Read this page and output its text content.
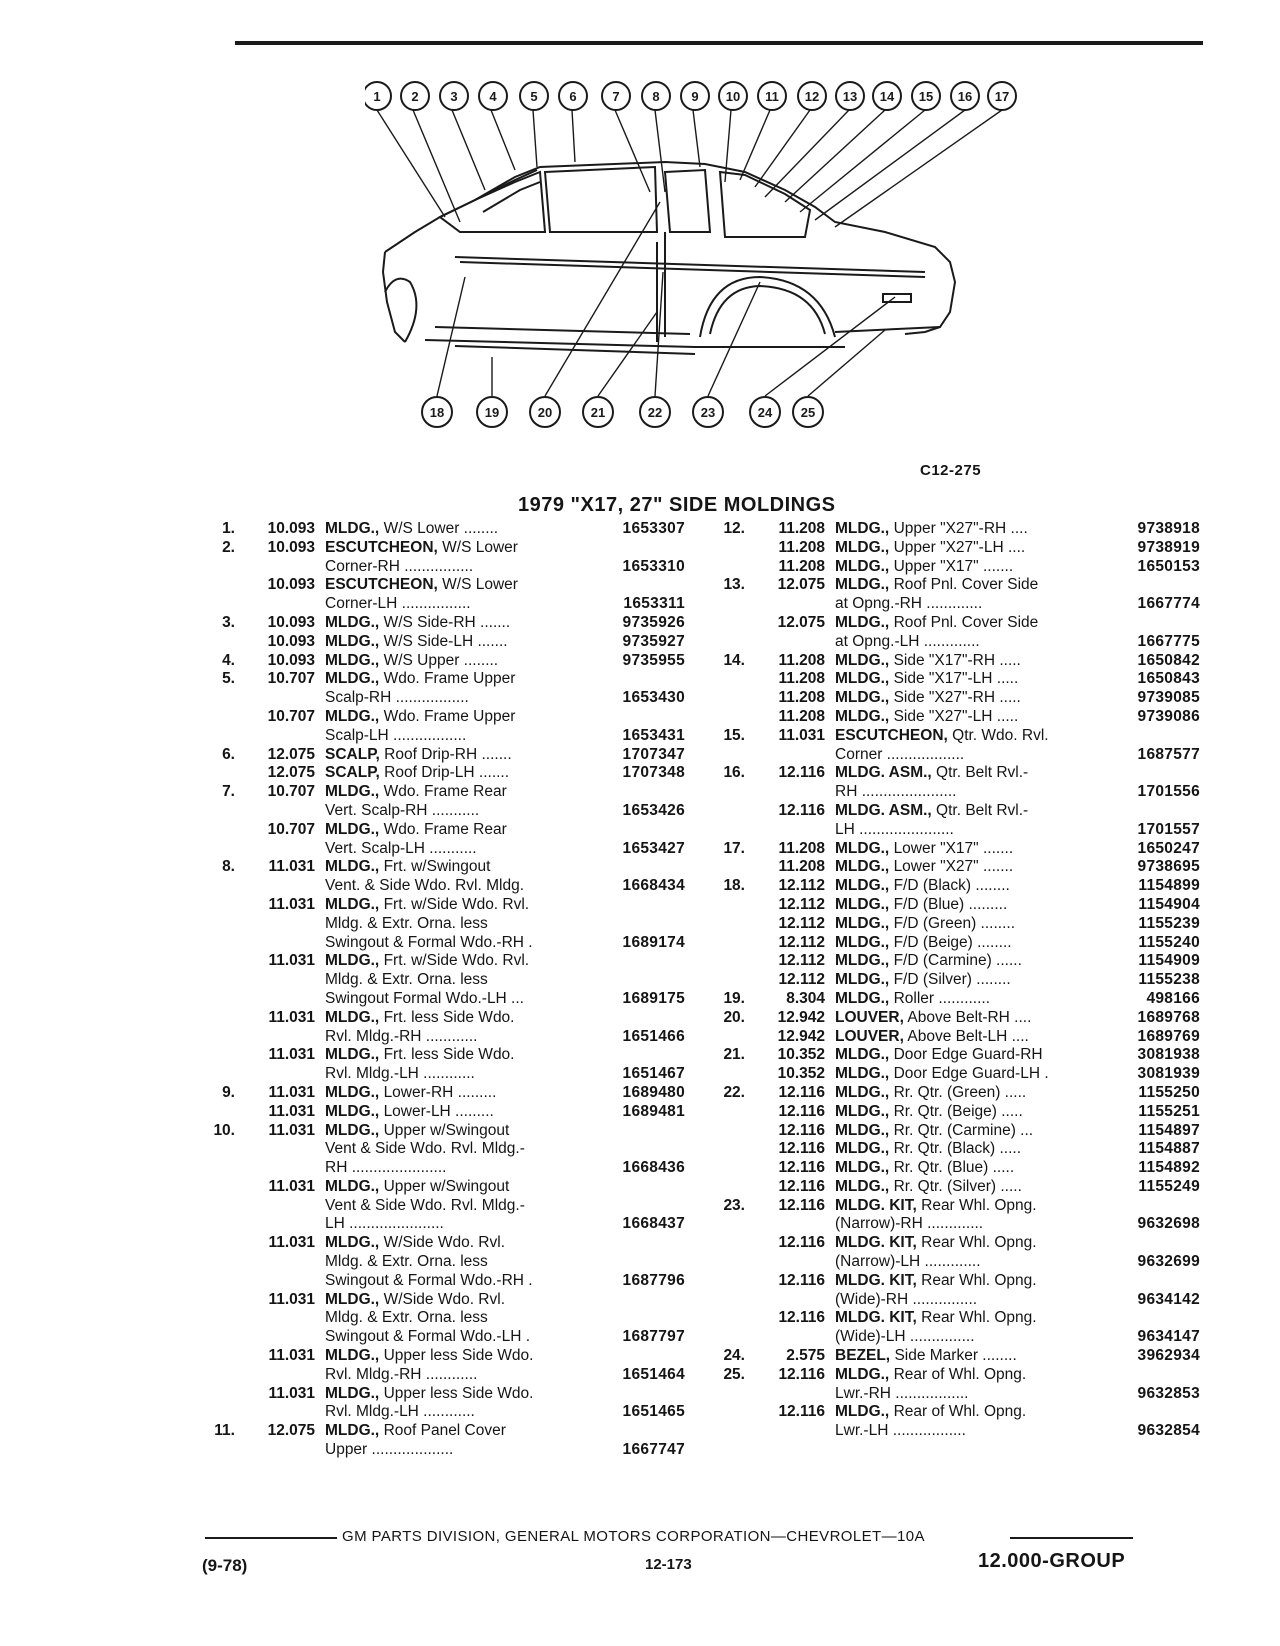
1 2 3 4	5 6	7	8 9 10 11 12 13 14 15 16 17
18	19	20	21	22	23	24 25
C12-275
1979 "X17, 27" SIDE MOLDINGS
1.	10.093 MLDG., W/S Lower ........	1653307
2.	10.093 ESCUTCHEON, W/S Lower
Corner-RH ................	1653310
10.093 ESCUTCHEON, W/S Lower
Corner-LH ................	1653311
3.	10.093 MLDG., W/S Side-RH .......	9735926
10.093 MLDG., W/S Side-LH .......	9735927
4.	10.093 MLDG., W/S Upper ........	9735955
5.	10.707 MLDG., Wdo. Frame Upper
Scalp-RH .................	1653430
10.707 MLDG., Wdo. Frame Upper
Scalp-LH .................	1653431
6.	12.075 SCALP, Roof Drip-RH .......	1707347
12.075 SCALP, Roof Drip-LH .......	1707348
7.	10.707 MLDG., Wdo. Frame Rear
Vert. Scalp-RH ...........	1653426
10.707 MLDG., Wdo. Frame Rear
Vert. Scalp-LH ...........	1653427
8.	11.031 MLDG., Frt. w/Swingout
Vent. & Side Wdo. Rvl. Mldg.	1668434
11.031 MLDG., Frt. w/Side Wdo. Rvl.
Mldg. & Extr. Orna. less
Swingout & Formal Wdo.-RH .	1689174
11.031 MLDG., Frt. w/Side Wdo. Rvl.
Mldg. & Extr. Orna. less
Swingout Formal Wdo.-LH ...	1689175
11.031 MLDG., Frt. less Side Wdo.
Rvl. Mldg.-RH ............	1651466
11.031 MLDG., Frt. less Side Wdo.
Rvl. Mldg.-LH ............	1651467
9.	11.031 MLDG., Lower-RH .........	1689480
11.031 MLDG., Lower-LH .........	1689481
10.	11.031 MLDG., Upper w/Swingout
Vent & Side Wdo. Rvl. Mldg.-
RH ......................	1668436
11.031 MLDG., Upper w/Swingout
Vent & Side Wdo. Rvl. Mldg.-
LH ......................	1668437
11.031 MLDG., W/Side Wdo. Rvl.
Mldg. & Extr. Orna. less
Swingout & Formal Wdo.-RH .	1687796
11.031 MLDG., W/Side Wdo. Rvl.
Mldg. & Extr. Orna. less
Swingout & Formal Wdo.-LH .	1687797
11.031 MLDG., Upper less Side Wdo.
Rvl. Mldg.-RH ............	1651464
11.031 MLDG., Upper less Side Wdo.
Rvl. Mldg.-LH ............	1651465
11.	12.075 MLDG., Roof Panel Cover
Upper ...................	1667747
12.	11.208 MLDG., Upper "X27"-RH ....	9738918
11.208 MLDG., Upper "X27"-LH ....	9738919
11.208 MLDG., Upper "X17" .......	1650153
13.	12.075 MLDG., Roof Pnl. Cover Side
at Opng.-RH .............	1667774
12.075 MLDG., Roof Pnl. Cover Side
at Opng.-LH .............	1667775
14.	11.208 MLDG., Side "X17"-RH .....	1650842
11.208 MLDG., Side "X17"-LH .....	1650843
11.208 MLDG., Side "X27"-RH .....	9739085
11.208 MLDG., Side "X27"-LH .....	9739086
15.	11.031 ESCUTCHEON, Qtr. Wdo. Rvl.
Corner ..................	1687577
16.	12.116 MLDG. ASM., Qtr. Belt Rvl.-
RH ......................	1701556
12.116 MLDG. ASM., Qtr. Belt Rvl.-
LH ......................	1701557
17.	11.208 MLDG., Lower "X17" .......	1650247
11.208 MLDG., Lower "X27" .......	9738695
18.	12.112 MLDG., F/D (Black) ........	1154899
12.112 MLDG., F/D (Blue) .........	1154904
12.112 MLDG., F/D (Green) ........	1155239
12.112 MLDG., F/D (Beige) ........	1155240
12.112 MLDG., F/D (Carmine) ......	1154909
12.112 MLDG., F/D (Silver) ........	1155238
19.	8.304 MLDG., Roller ............	498166
20.	12.942 LOUVER, Above Belt-RH ....	1689768
12.942 LOUVER, Above Belt-LH ....	1689769
21.	10.352 MLDG., Door Edge Guard-RH	3081938
10.352 MLDG., Door Edge Guard-LH .	3081939
22.	12.116 MLDG., Rr. Qtr. (Green) .....	1155250
12.116 MLDG., Rr. Qtr. (Beige) .....	1155251
12.116 MLDG., Rr. Qtr. (Carmine) ...	1154897
12.116 MLDG., Rr. Qtr. (Black) .....	1154887
12.116 MLDG., Rr. Qtr. (Blue) .....	1154892
12.116 MLDG., Rr. Qtr. (Silver) .....	1155249
23.	12.116 MLDG. KIT, Rear Whl. Opng.
(Narrow)-RH .............	9632698
12.116 MLDG. KIT, Rear Whl. Opng.
(Narrow)-LH .............	9632699
12.116 MLDG. KIT, Rear Whl. Opng.
(Wide)-RH ...............	9634142
12.116 MLDG. KIT, Rear Whl. Opng.
(Wide)-LH ...............	9634147
24.	2.575 BEZEL, Side Marker ........	3962934
25.	12.116 MLDG., Rear of Whl. Opng.
Lwr.-RH .................	9632853
12.116 MLDG., Rear of Whl. Opng.
Lwr.-LH .................	9632854
GM PARTS DIVISION, GENERAL MOTORS CORPORATION—CHEVROLET—10A
(9-78)	12-173	12.000-GROUP
